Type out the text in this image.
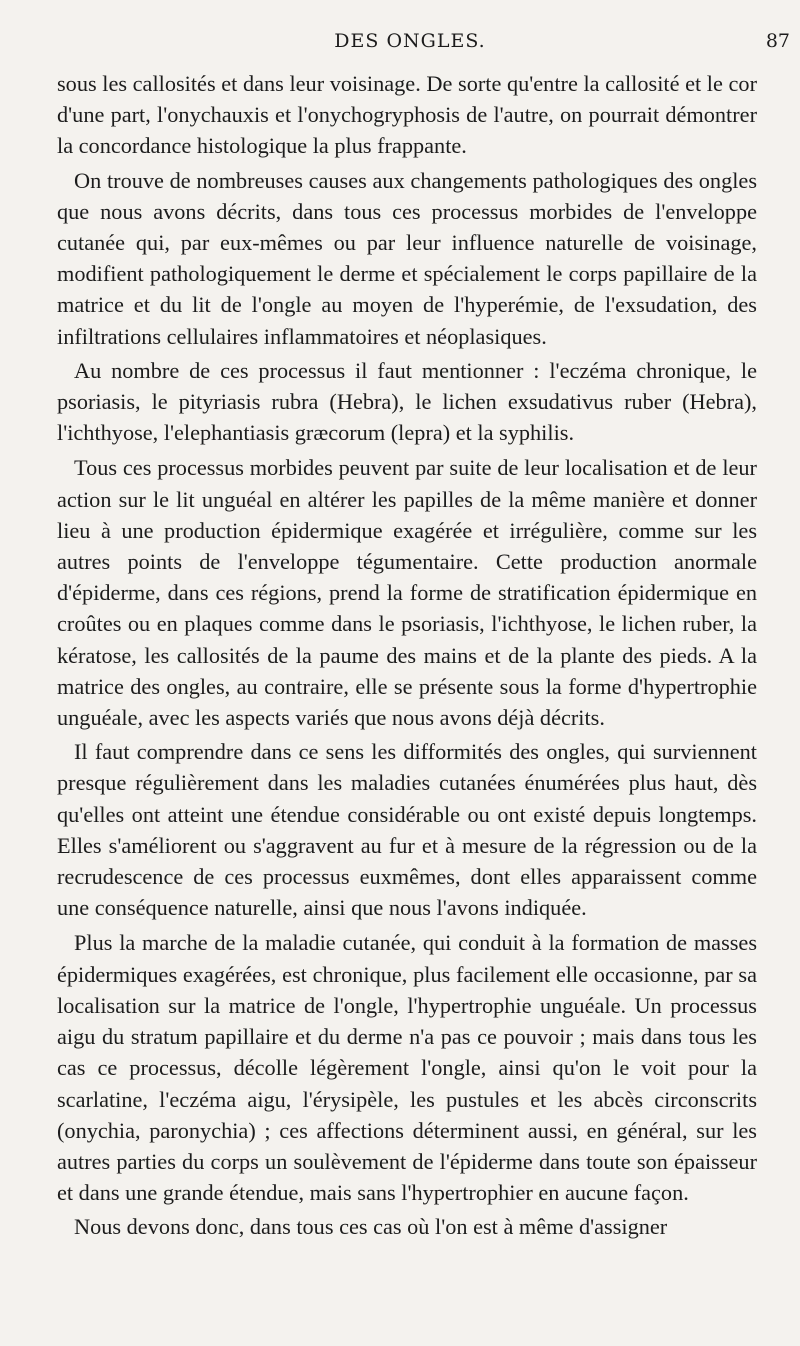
DES ONGLES.	87

sous les callosités et dans leur voisinage. De sorte qu'entre la callosité et le cor d'une part, l'onychauxis et l'onychogryphosis de l'autre, on pourrait démontrer la concordance histologique la plus frappante.

On trouve de nombreuses causes aux changements pathologiques des ongles que nous avons décrits, dans tous ces processus morbides de l'enveloppe cutanée qui, par eux-mêmes ou par leur influence naturelle de voisinage, modifient pathologiquement le derme et spécialement le corps papillaire de la matrice et du lit de l'ongle au moyen de l'hyperémie, de l'exsudation, des infiltrations cellulaires inflammatoires et néoplasiques.

Au nombre de ces processus il faut mentionner : l'eczéma chronique, le psoriasis, le pityriasis rubra (Hebra), le lichen exsudativus ruber (Hebra), l'ichthyose, l'elephantiasis græcorum (lepra) et la syphilis.

Tous ces processus morbides peuvent par suite de leur localisation et de leur action sur le lit unguéal en altérer les papilles de la même manière et donner lieu à une production épidermique exagérée et irrégulière, comme sur les autres points de l'enveloppe tégumentaire. Cette production anormale d'épiderme, dans ces régions, prend la forme de stratification épidermique en croûtes ou en plaques comme dans le psoriasis, l'ichthyose, le lichen ruber, la kératose, les callosités de la paume des mains et de la plante des pieds. A la matrice des ongles, au contraire, elle se présente sous la forme d'hypertrophie unguéale, avec les aspects variés que nous avons déjà décrits.

Il faut comprendre dans ce sens les difformités des ongles, qui surviennent presque régulièrement dans les maladies cutanées énumérées plus haut, dès qu'elles ont atteint une étendue considérable ou ont existé depuis longtemps. Elles s'améliorent ou s'aggravent au fur et à mesure de la régression ou de la recrudescence de ces processus euxmêmes, dont elles apparaissent comme une conséquence naturelle, ainsi que nous l'avons indiquée.

Plus la marche de la maladie cutanée, qui conduit à la formation de masses épidermiques exagérées, est chronique, plus facilement elle occasionne, par sa localisation sur la matrice de l'ongle, l'hypertrophie unguéale. Un processus aigu du stratum papillaire et du derme n'a pas ce pouvoir ; mais dans tous les cas ce processus, décolle légèrement l'ongle, ainsi qu'on le voit pour la scarlatine, l'eczéma aigu, l'érysipèle, les pustules et les abcès circonscrits (onychia, paronychia) ; ces affections déterminent aussi, en général, sur les autres parties du corps un soulèvement de l'épiderme dans toute son épaisseur et dans une grande étendue, mais sans l'hypertrophier en aucune façon.

Nous devons donc, dans tous ces cas où l'on est à même d'assigner
